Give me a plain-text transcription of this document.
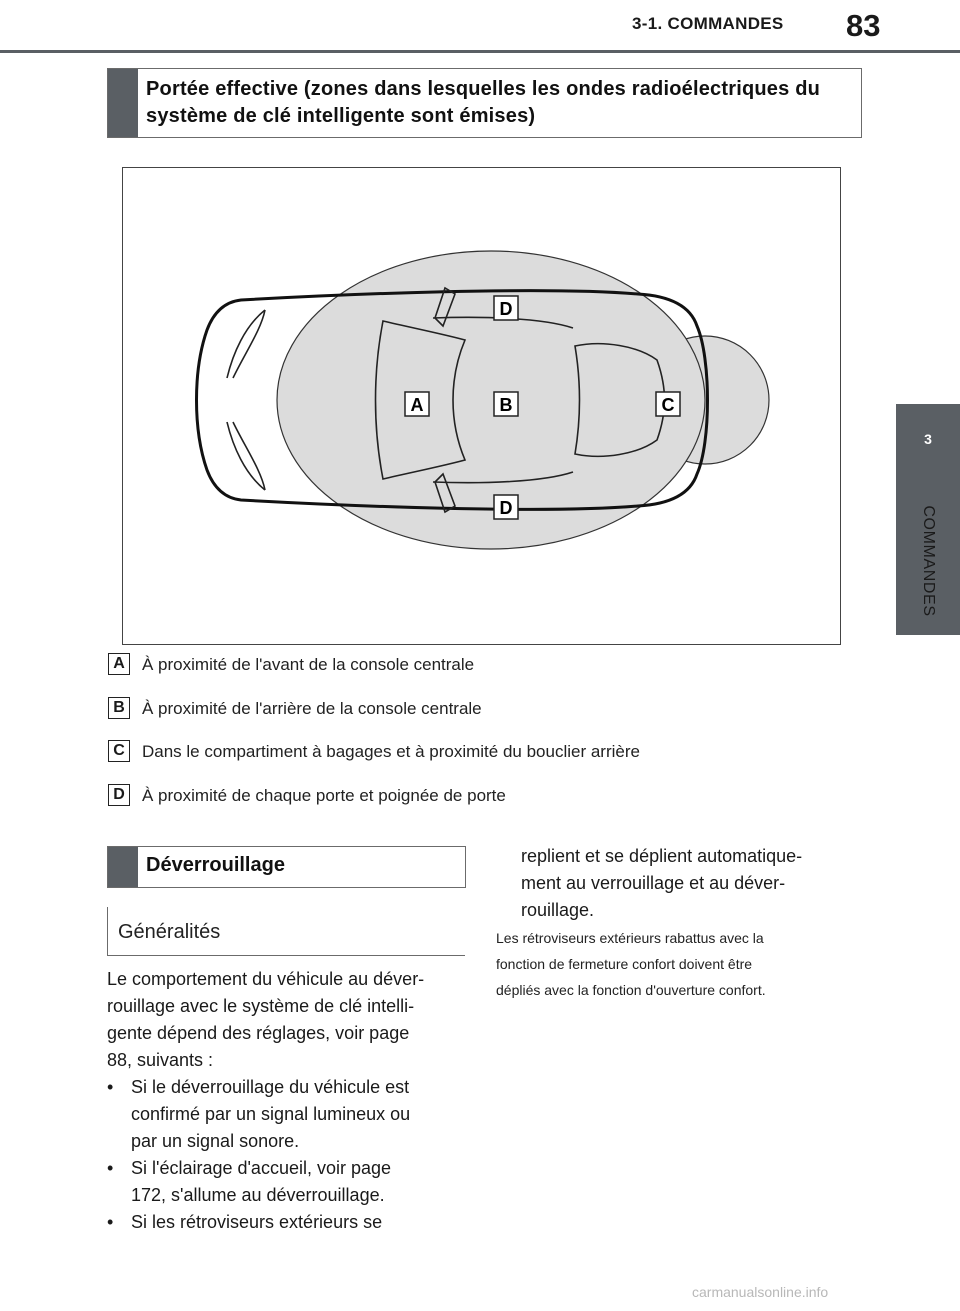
3-1. COMMANDES 83
3
COMMANDES
Portée effective (zones dans lesquelles les ondes radioélectriques du système de clé intelligente sont émises)
D
A	B	C
D
A	À proximité de l'avant de la console centrale
B	À proximité de l'arrière de la console centrale
C	Dans le compartiment à bagages et à proximité du bouclier arrière
D	À proximité de chaque porte et poignée de porte
Déverrouillage
Généralités
Le comportement du véhicule au déver-
rouillage avec le système de clé intelli-
gente dépend des réglages, voir page
88, suivants :
• Si le déverrouillage du véhicule est
confirmé par un signal lumineux ou
par un signal sonore.
• Si l'éclairage d'accueil, voir page
172, s'allume au déverrouillage.
• Si les rétroviseurs extérieurs se
replient et se déplient automatique-
ment au verrouillage et au déver-
rouillage.
Les rétroviseurs extérieurs rabattus avec la
fonction de fermeture confort doivent être
dépliés avec la fonction d'ouverture confort.
carmanualsonline.info
